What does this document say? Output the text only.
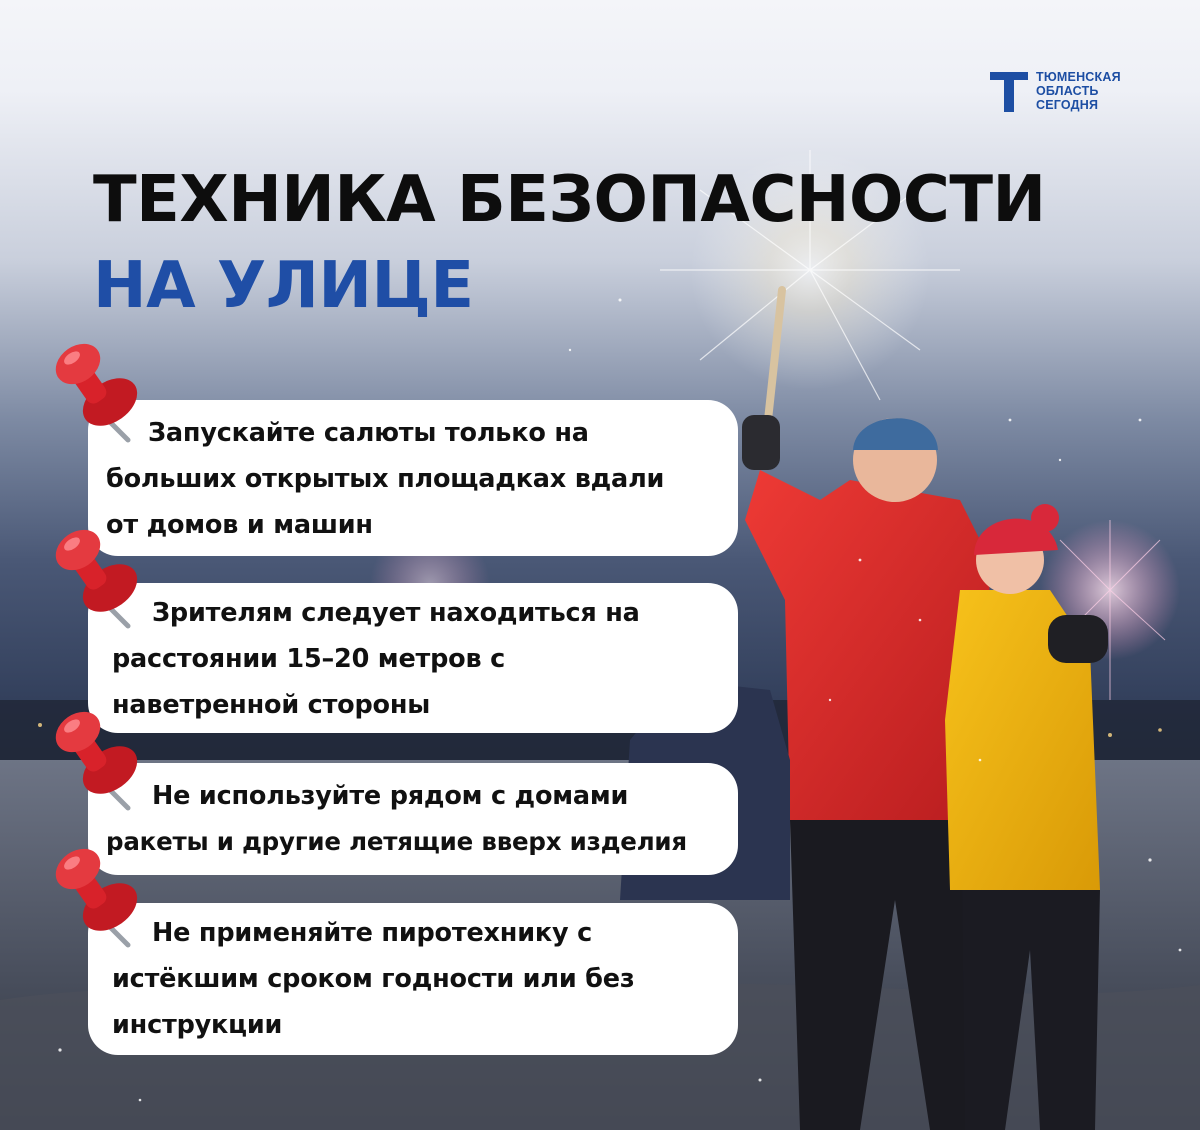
ТЮМЕНСКАЯ
ОБЛАСТЬ
СЕГОДНЯ
ТЕХНИКА БЕЗОПАСНОСТИ
НА УЛИЦЕ

Запускайте салюты только на

больших открытых площадках вдали

от домов и машин

Зрителям следует находиться на

расстоянии 15–20 метров с

наветренной стороны

Не используйте рядом с домами

ракеты и другие летящие вверх изделия

Не применяйте пиротехнику с

истёкшим сроком годности или без

инструкции
